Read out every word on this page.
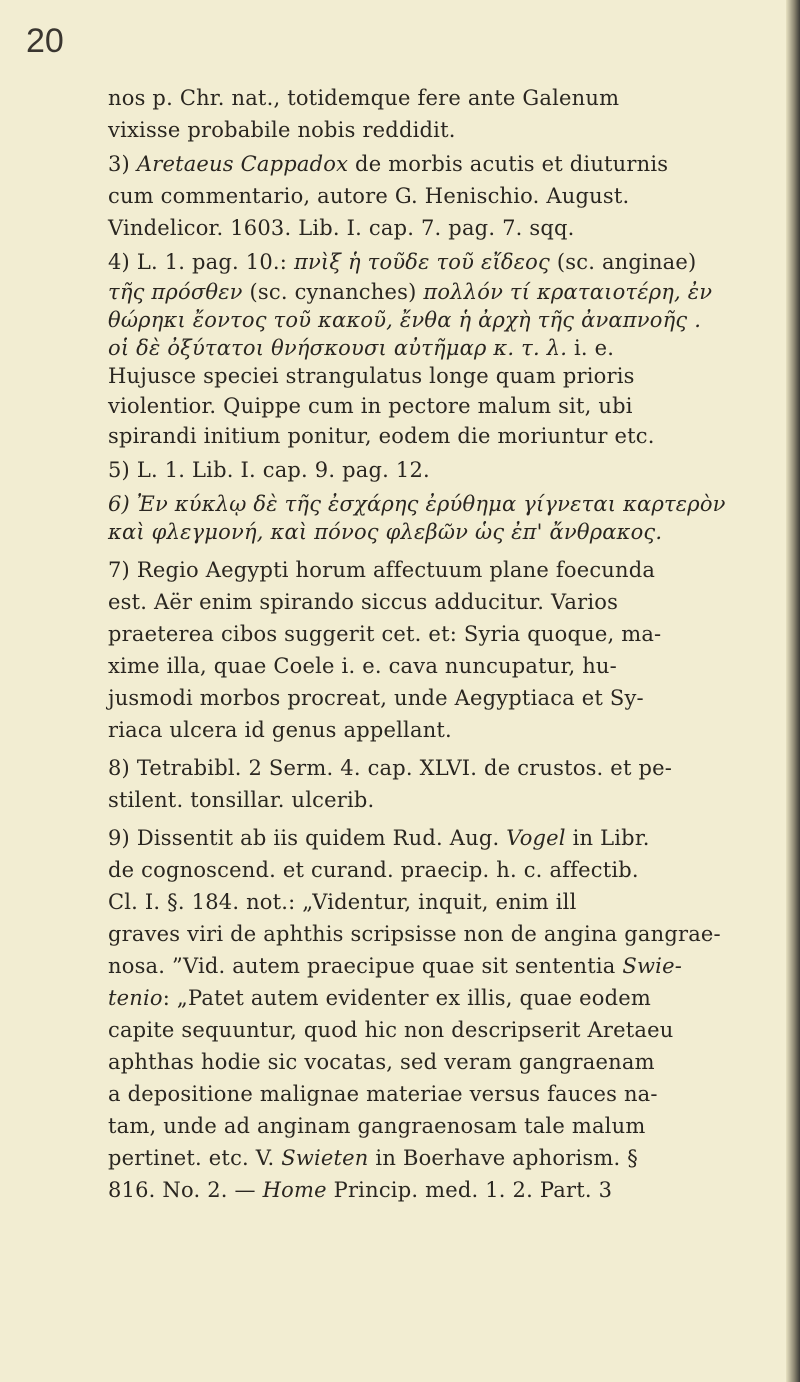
20
nos p. Chr. nat., totidemque fere ante Galenum
vixisse probabile nobis reddidit.
3) Aretaeus Cappadox de morbis acutis et diuturnis
cum commentario, autore G. Henischio. August.
Vindelicor. 1603. Lib. I. cap. 7. pag. 7. sqq.
4) L. 1. pag. 10.: πνὶξ ἡ τοῦδε τοῦ εἴδεος (sc. anginae)
τῆς πρόσθεν (sc. cynanches) πολλόν τί κραταιοτέρη, ἐν
θώρηκι ἔοντος τοῦ κακοῦ, ἔνθα ἡ ἀρχὴ τῆς ἀναπνοῆς .
οἱ δὲ ὀξύτατοι θνήσκουσι αὐτῆμαρ κ. τ. λ. i. e.
Hujusce speciei strangulatus longe quam prioris
violentior. Quippe cum in pectore malum sit, ubi
spirandi initium ponitur, eodem die moriuntur etc.
5) L. 1. Lib. I. cap. 9. pag. 12.
6) Ἐν κύκλῳ δὲ τῆς ἐσχάρης ἐρύθημα γίγνεται καρτερὸν
καὶ φλεγμονή, καὶ πόνος φλεβῶν ὡς ἐπ' ἄνθρακος.
7) Regio Aegypti horum affectuum plane foecunda
est. Aër enim spirando siccus adducitur. Varios
praeterea cibos suggerit cet. et: Syria quoque, ma-
xime illa, quae Coele i. e. cava nuncupatur, hu-
jusmodi morbos procreat, unde Aegyptiaca et Sy-
riaca ulcera id genus appellant.
8) Tetrabibl. 2 Serm. 4. cap. XLVI. de crustos. et pe-
stilent. tonsillar. ulcerib.
9) Dissentit ab iis quidem Rud. Aug. Vogel in Libr.
de cognoscend. et curand. praecip. h. c. affectib.
Cl. I. §. 184. not.: „Videntur, inquit, enim ill
graves viri de aphthis scripsisse non de angina gangrae-
nosa. ”Vid. autem praecipue quae sit sententia Swie-
tenio: „Patet autem evidenter ex illis, quae eodem
capite sequuntur, quod hic non descripserit Aretaeu
aphthas hodie sic vocatas, sed veram gangraenam
a depositione malignae materiae versus fauces na-
tam, unde ad anginam gangraenosam tale malum
pertinet. etc. V. Swieten in Boerhave aphorism. §
816. No. 2. — Home Princip. med. 1. 2. Part. 3
